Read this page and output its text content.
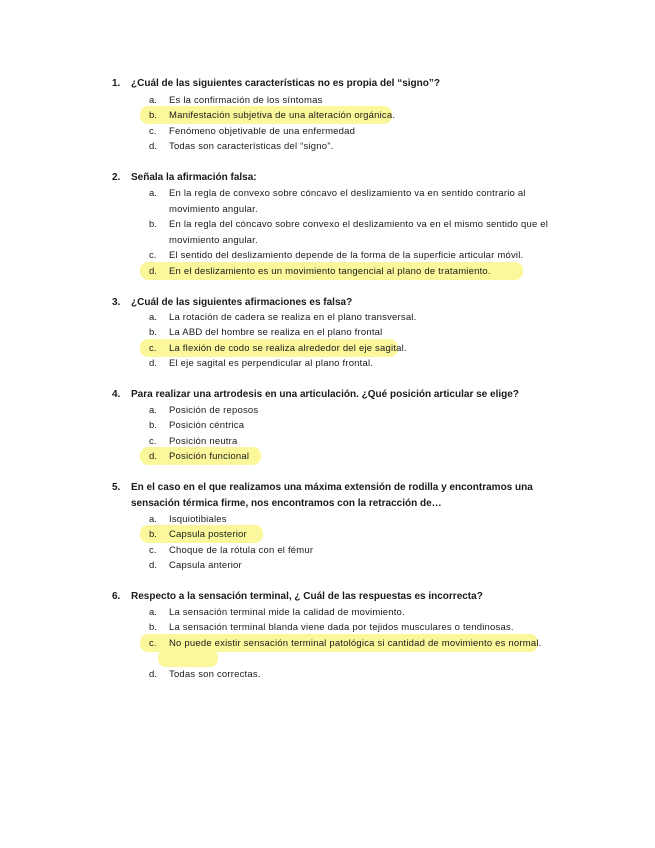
1. ¿Cuál de las siguientes características no es propia del “signo”?
a. Es la confirmación de los síntomas
b. Manifestación subjetiva de una alteración orgánica.
c. Fenómeno objetivable de una enfermedad
d. Todas son características del “signo”.
2. Señala la afirmación falsa:
a. En la regla de convexo sobre cóncavo el deslizamiento va en sentido contrario al movimiento angular.
b. En la regla del cóncavo sobre convexo el deslizamiento va en el mismo sentido que el movimiento angular.
c. El sentido del deslizamiento depende de la forma de la superficie articular móvil.
d. En el deslizamiento es un movimiento tangencial al plano de tratamiento.
3. ¿Cuál de las siguientes afirmaciones es falsa?
a. La rotación de cadera se realiza en el plano transversal.
b. La ABD del hombre se realiza en el plano frontal
c. La flexión de codo se realiza alrededor del eje sagital.
d. El eje sagital es perpendicular al plano frontal.
4. Para realizar una artrodesis en una articulación. ¿Qué posición articular se elige?
a. Posición de reposos
b. Posición céntrica
c. Posición neutra
d. Posición funcional
5. En el caso en el que realizamos una máxima extensión de rodilla y encontramos una sensación térmica firme, nos encontramos con la retracción de…
a. Isquiotibiales
b. Capsula posterior
c. Choque de la rótula con el fémur
d. Capsula anterior
6. Respecto a la sensación terminal, ¿ Cuál de las respuestas es incorrecta?
a. La sensación terminal mide la calidad de movimiento.
b. La sensación terminal blanda viene dada por tejidos musculares o tendinosas.
c. No puede existir sensación terminal patológica si cantidad de movimiento es normal.
d. Todas son correctas.
